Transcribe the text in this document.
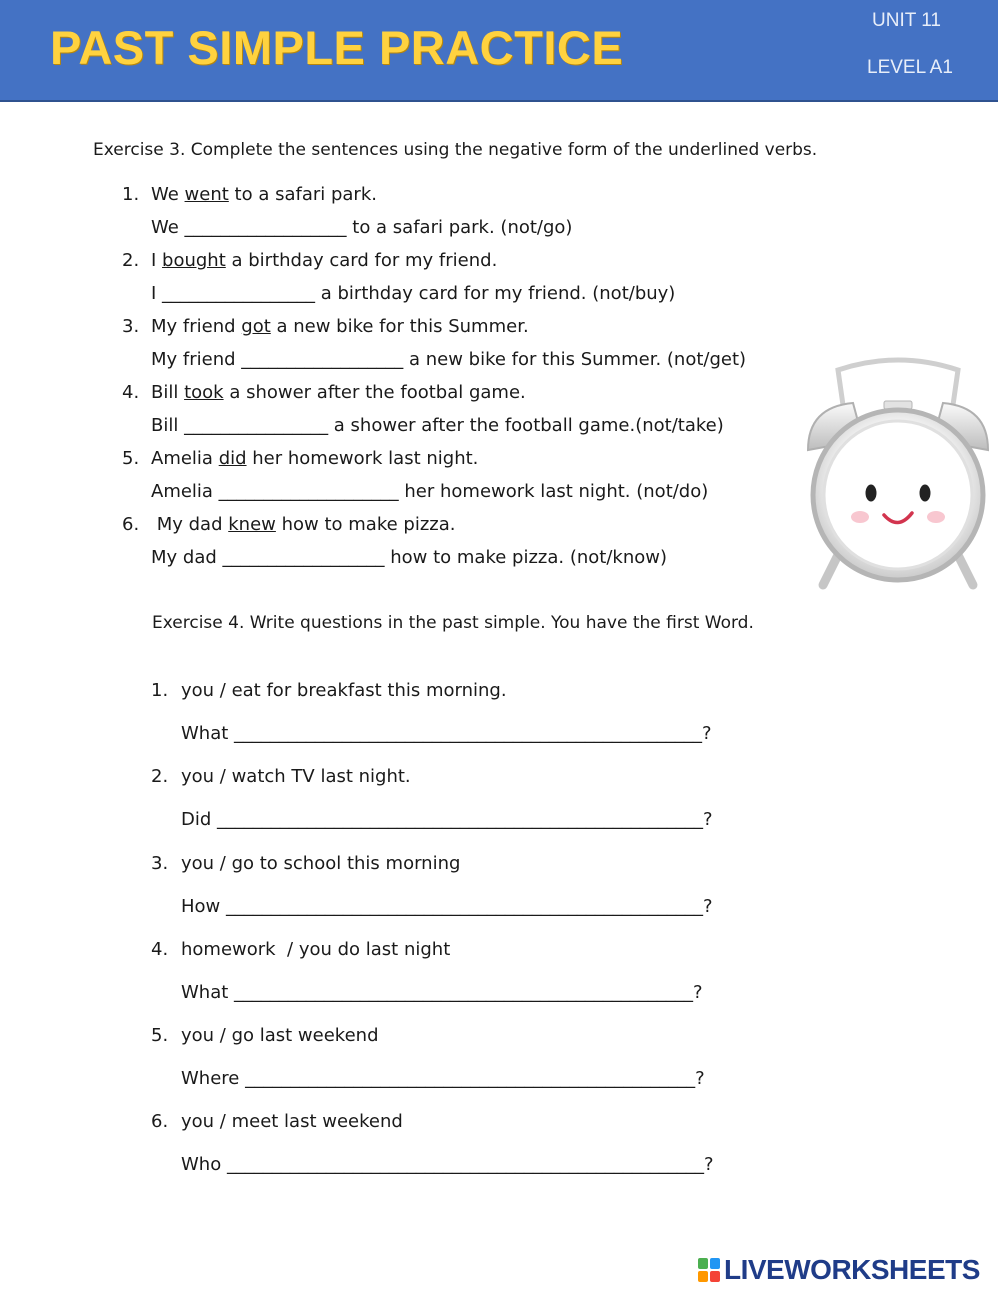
PAST SIMPLE PRACTICE
UNIT 11
LEVEL A1
Exercise 3. Complete the sentences using the negative form of the underlined verbs.
1. We went to a safari park.
We __________________ to a safari park. (not/go)
2. I bought a birthday card for my friend.
I _________________ a birthday card for my friend. (not/buy)
3. My friend got a new bike for this Summer.
My friend __________________ a new bike for this Summer. (not/get)
4. Bill took a shower after the footbal game.
Bill ________________ a shower after the football game.(not/take)
5. Amelia did her homework last night.
Amelia ____________________ her homework last night. (not/do)
6. My dad knew how to make pizza.
My dad __________________ how to make pizza. (not/know)
Exercise 4. Write questions in the past simple. You have the first Word.
1. you / eat for breakfast this morning.
What ____________________________________________________?
2. you / watch TV last night.
Did ______________________________________________________?
3. you / go to school this morning
How _____________________________________________________?
4. homework  / you do last night
What ___________________________________________________?
5. you / go last weekend
Where __________________________________________________?
6. you / meet last weekend
Who _____________________________________________________?
LIVEWORKSHEETS
